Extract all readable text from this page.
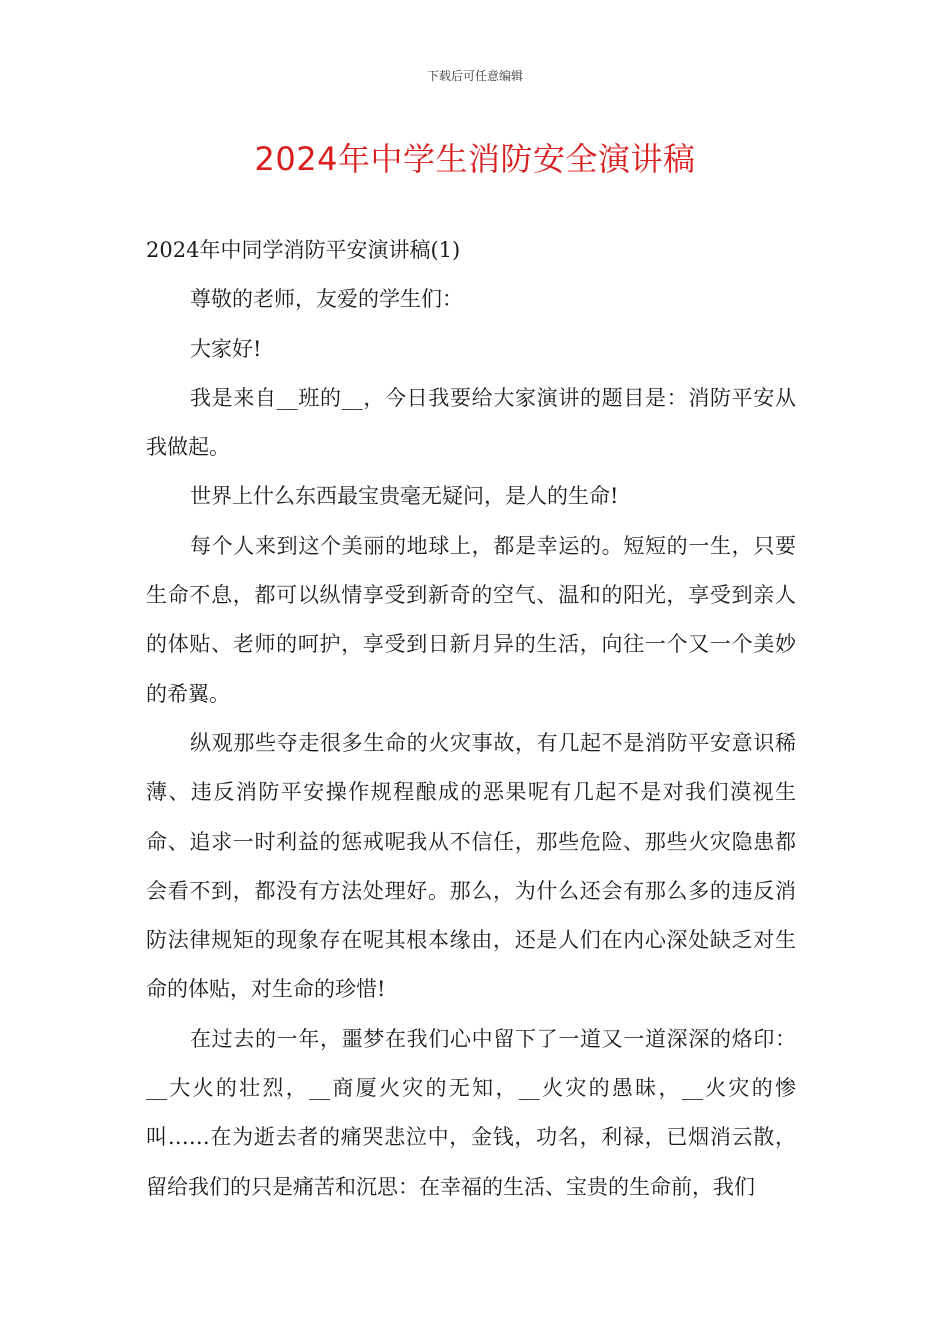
下载后可任意编辑
2024年中学生消防安全演讲稿

2024年中同学消防平安演讲稿(1)

尊敬的老师，友爱的学生们：

大家好!

我是来自__班的__，今日我要给大家演讲的题目是：消防平安从我做起。

世界上什么东西最宝贵毫无疑问，是人的生命!

每个人来到这个美丽的地球上，都是幸运的。短短的一生，只要生命不息，都可以纵情享受到新奇的空气、温和的阳光，享受到亲人的体贴、老师的呵护，享受到日新月异的生活，向往一个又一个美妙的希翼。

纵观那些夺走很多生命的火灾事故，有几起不是消防平安意识稀薄、违反消防平安操作规程酿成的恶果呢有几起不是对我们漠视生命、追求一时利益的惩戒呢我从不信任，那些危险、那些火灾隐患都会看不到，都没有方法处理好。那么，为什么还会有那么多的违反消防法律规矩的现象存在呢其根本缘由，还是人们在内心深处缺乏对生命的体贴，对生命的珍惜!

在过去的一年，噩梦在我们心中留下了一道又一道深深的烙印：__大火的壮烈，__商厦火灾的无知，__火灾的愚昧，__火灾的惨叫……在为逝去者的痛哭悲泣中，金钱，功名，利禄，已烟消云散，留给我们的只是痛苦和沉思：在幸福的生活、宝贵的生命前，我们
